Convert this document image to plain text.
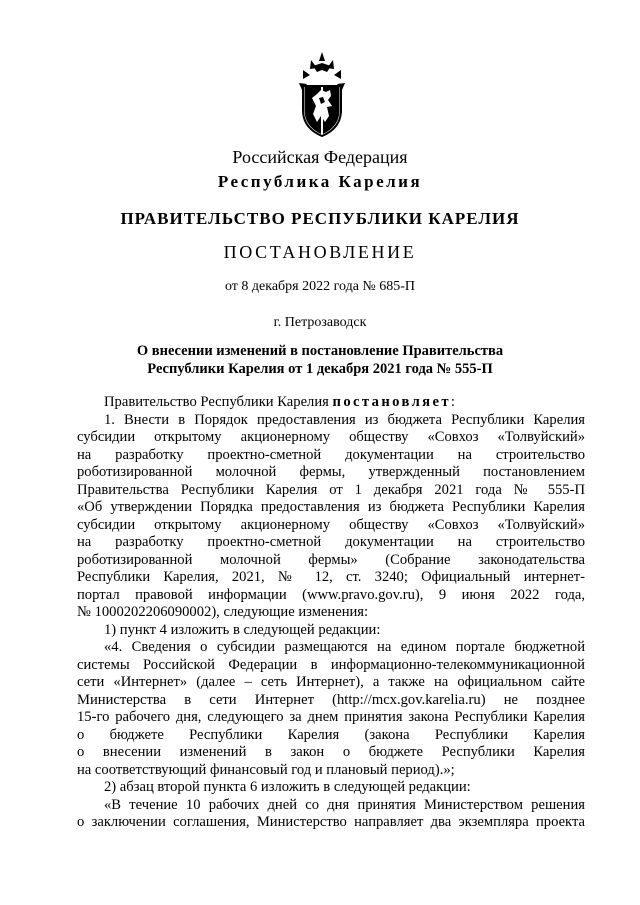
Российская Федерация
Республика Карелия
ПРАВИТЕЛЬСТВО РЕСПУБЛИКИ КАРЕЛИЯ
ПОСТАНОВЛЕНИЕ
от 8 декабря 2022 года № 685-П
г. Петрозаводск
О внесении изменений в постановление Правительства
Республики Карелия от 1 декабря 2021 года № 555-П
Правительство Республики Карелия постановляет:
1. Внести в Порядок предоставления из бюджета Республики Карелия
субсидии открытому акционерному обществу «Совхоз «Толвуйский»
на разработку проектно-сметной документации на строительство
роботизированной молочной фермы, утвержденный постановлением
Правительства Республики Карелия от 1 декабря 2021 года № 555-П
«Об утверждении Порядка предоставления из бюджета Республики Карелия
субсидии открытому акционерному обществу «Совхоз «Толвуйский»
на разработку проектно-сметной документации на строительство
роботизированной молочной фермы» (Собрание законодательства
Республики Карелия, 2021, № 12, ст. 3240; Официальный интернет-
портал правовой информации (www.pravo.gov.ru), 9 июня 2022 года,
№ 1000202206090002), следующие изменения:
1) пункт 4 изложить в следующей редакции:
«4. Сведения о субсидии размещаются на едином портале бюджетной
системы Российской Федерации в информационно-телекоммуникационной
сети «Интернет» (далее – сеть Интернет), а также на официальном сайте
Министерства в сети Интернет (http://mcx.gov.karelia.ru) не позднее
15-го рабочего дня, следующего за днем принятия закона Республики Карелия
о бюджете Республики Карелия (закона Республики Карелия
о внесении изменений в закон о бюджете Республики Карелия
на соответствующий финансовый год и плановый период).»;
2) абзац второй пункта 6 изложить в следующей редакции:
«В течение 10 рабочих дней со дня принятия Министерством решения
о заключении соглашения, Министерство направляет два экземпляра проекта
